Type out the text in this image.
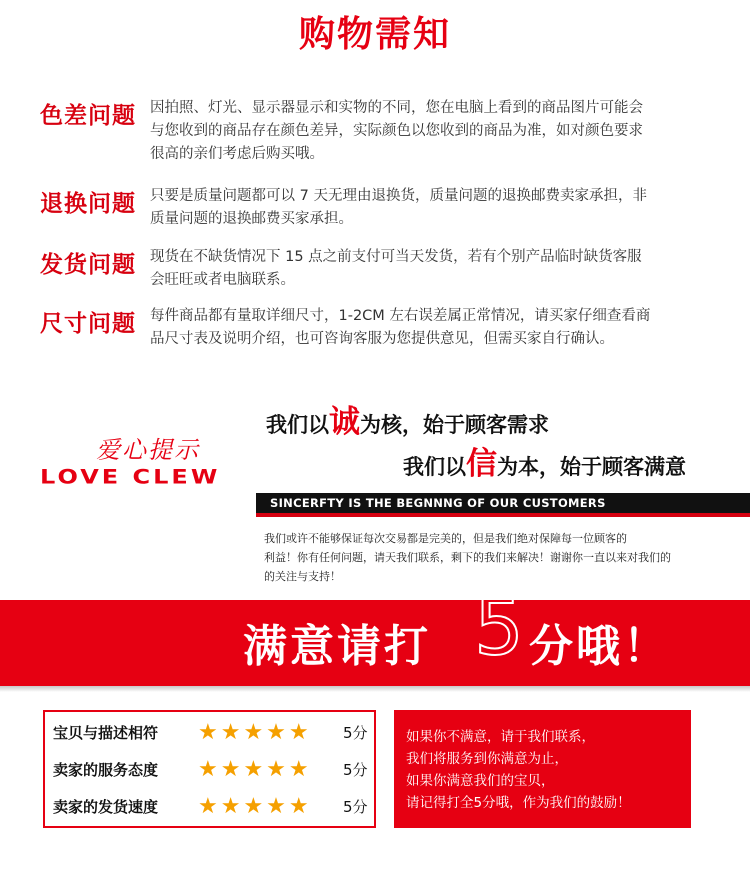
购物需知
色差问题 因拍照、灯光、显示器显示和实物的不同，您在电脑上看到的商品图片可能会
与您收到的商品存在颜色差异，实际颜色以您收到的商品为准，如对颜色要求
很高的亲们考虑后购买哦。
退换问题 只要是质量问题都可以 7 天无理由退换货，质量问题的退换邮费卖家承担，非
质量问题的退换邮费买家承担。
发货问题 现货在不缺货情况下 15 点之前支付可当天发货，若有个别产品临时缺货客服
会旺旺或者电脑联系。
尺寸问题 每件商品都有量取详细尺寸，1-2CM 左右误差属正常情况，请买家仔细查看商
品尺寸表及说明介绍，也可咨询客服为您提供意见，但需买家自行确认。
我们以诚为核，始于顾客需求
我们以信为本，始于顾客满意
爱心提示
LOVE CLEW
SINCERFTY IS THE BEGNNNG OF OUR CUSTOMERS
我们或许不能够保证每次交易都是完美的，但是我们绝对保障每一位顾客的
利益！你有任何问题，请天我们联系，剩下的我们来解决！谢谢你一直以来对我们的
的关注与支持！
满意请打 分哦！
5
宝贝与描述相符 ★★★★★ 5分
卖家的服务态度 ★★★★★ 5分
卖家的发货速度 ★★★★★ 5分
如果你不满意，请于我们联系，
我们将服务到你满意为止，
如果你满意我们的宝贝，
请记得打全5分哦，作为我们的鼓励！
